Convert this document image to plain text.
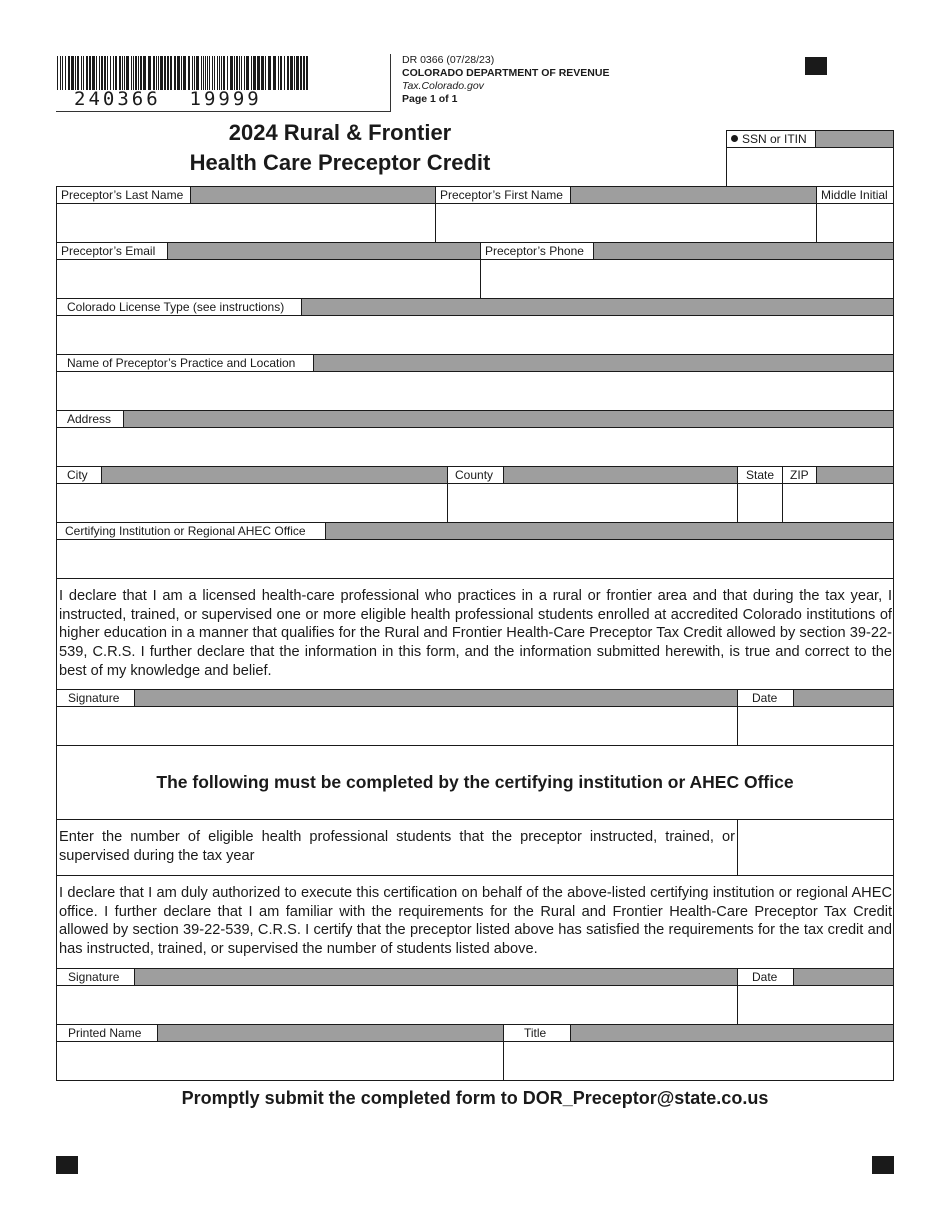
240366  19999
DR 0366 (07/28/23)
COLORADO DEPARTMENT OF REVENUE
Tax.Colorado.gov
Page 1 of 1
2024 Rural & Frontier
Health Care Preceptor Credit
SSN or ITIN
Preceptor’s Last Name	Preceptor’s First Name	Middle Initial
Preceptor’s Email	Preceptor’s Phone
Colorado License Type (see instructions)
Name of Preceptor’s Practice and Location
Address
City	County	State	ZIP
Certifying Institution or Regional AHEC Office
I declare that I am a licensed health-care professional who practices in a rural or frontier area and that during the tax year, I instructed, trained, or supervised one or more eligible health professional students enrolled at accredited Colorado institutions of higher education in a manner that qualifies for the Rural and Frontier Health-Care Preceptor Tax Credit allowed by section 39-22-539, C.R.S. I further declare that the information in this form, and the information submitted herewith, is true and correct to the best of my knowledge and belief.
Signature	Date
The following must be completed by the certifying institution or AHEC Office
Enter the number of eligible health professional students that the preceptor instructed, trained, or supervised during the tax year
I declare that I am duly authorized to execute this certification on behalf of the above-listed certifying institution or regional AHEC office. I further declare that I am familiar with the requirements for the Rural and Frontier Health-Care Preceptor Tax Credit allowed by section 39-22-539, C.R.S. I certify that the preceptor listed above has satisfied the requirements for the tax credit and has instructed, trained, or supervised the number of students listed above.
Signature	Date
Printed Name	Title
Promptly submit the completed form to DOR_Preceptor@state.co.us
